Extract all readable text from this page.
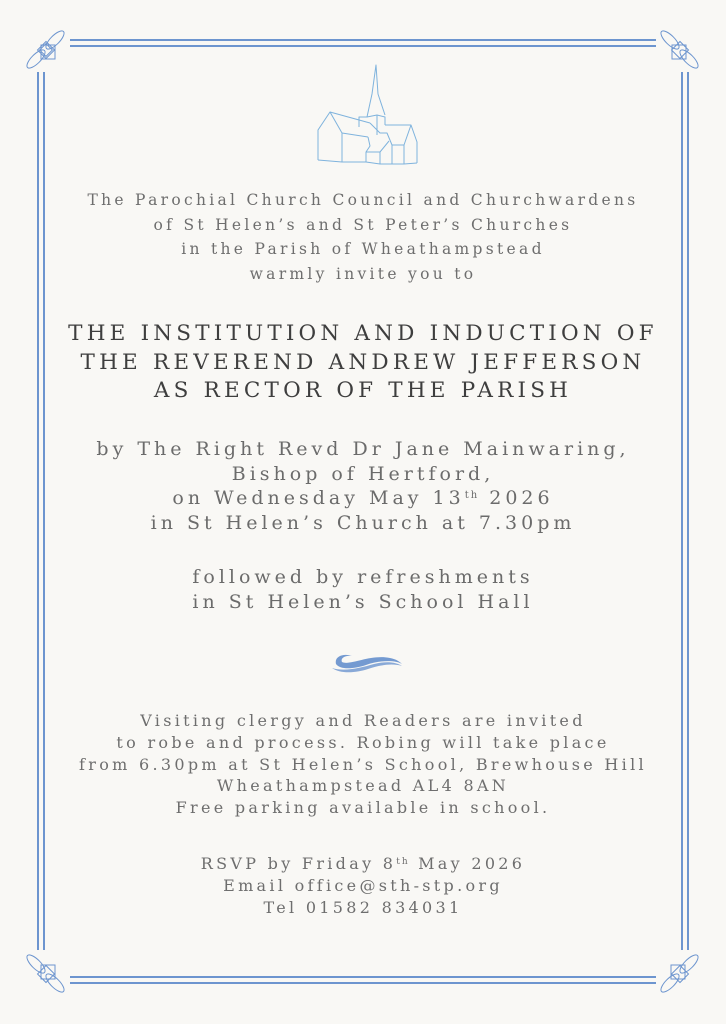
The Parochial Church Council and Churchwardens
of St Helen’s and St Peter’s Churches
in the Parish of Wheathampstead
warmly invite you to
THE INSTITUTION AND INDUCTION OF
THE REVEREND ANDREW JEFFERSON
AS RECTOR OF THE PARISH
by The Right Revd Dr Jane Mainwaring,
Bishop of Hertford,
on Wednesday May 13th 2026
in St Helen’s Church at 7.30pm
followed by refreshments
in St Helen’s School Hall
Visiting clergy and Readers are invited
to robe and process. Robing will take place
from 6.30pm at St Helen’s School, Brewhouse Hill
Wheathampstead AL4 8AN
Free parking available in school.
RSVP by Friday 8th May 2026
Email office@sth-stp.org
Tel 01582 834031
